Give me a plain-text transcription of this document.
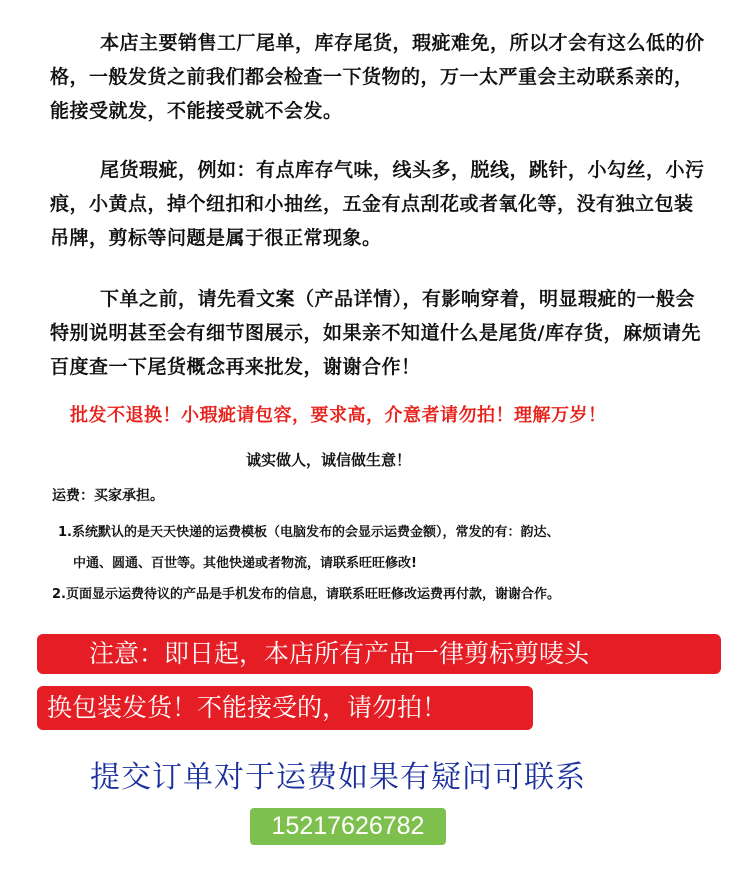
本店主要销售工厂尾单，库存尾货，瑕疵难免，所以才会有这么低的价格，一般发货之前我们都会检查一下货物的，万一太严重会主动联系亲的，能接受就发，不能接受就不会发。
尾货瑕疵，例如：有点库存气味，线头多，脱线，跳针，小勾丝，小污痕，小黄点，掉个纽扣和小抽丝，五金有点刮花或者氧化等，没有独立包装吊牌，剪标等问题是属于很正常现象。
下单之前，请先看文案（产品详情），有影响穿着，明显瑕疵的一般会特别说明甚至会有细节图展示，如果亲不知道什么是尾货/库存货，麻烦请先百度查一下尾货概念再来批发，谢谢合作！
批发不退换！小瑕疵请包容，要求高，介意者请勿拍！理解万岁！
诚实做人，诚信做生意！
运费：买家承担。
1.系统默认的是天天快递的运费模板（电脑发布的会显示运费金额），常发的有：韵达、
中通、圆通、百世等。其他快递或者物流，请联系旺旺修改!
2.页面显示运费待议的产品是手机发布的信息，请联系旺旺修改运费再付款，谢谢合作。
注意：即日起，本店所有产品一律剪标剪唛头
换包装发货！不能接受的，请勿拍！
提交订单对于运费如果有疑问可联系
15217626782
